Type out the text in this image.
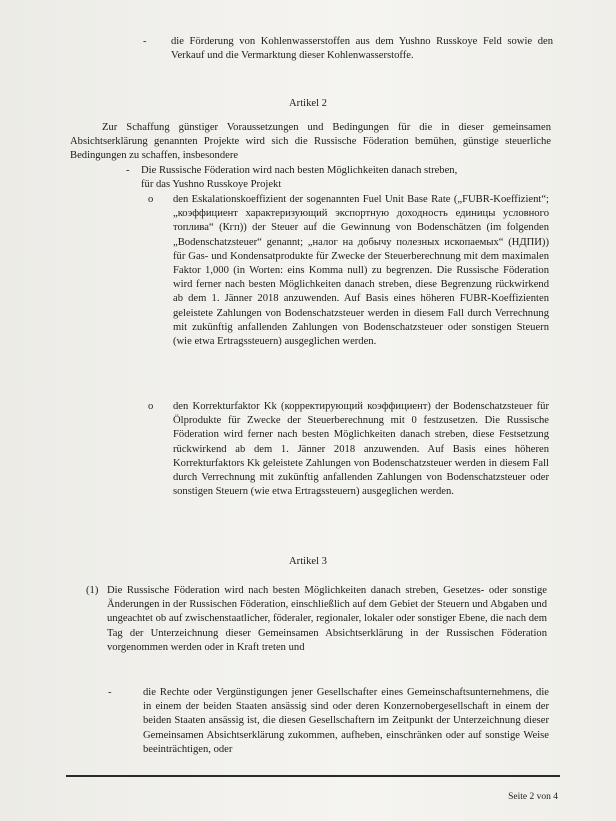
- die Förderung von Kohlenwasserstoffen aus dem Yushno Russkoye Feld sowie den Verkauf und die Vermarktung dieser Kohlenwasserstoffe.

Artikel 2

Zur Schaffung günstiger Voraussetzungen und Bedingungen für die in dieser gemeinsamen Absichtserklärung genannten Projekte wird sich die Russische Föderation bemühen, günstige steuerliche Bedingungen zu schaffen, insbesondere

- Die Russische Föderation wird nach besten Möglichkeiten danach streben,
für das Yushno Russkoye Projekt
o den Eskalationskoeffizient der sogenannten Fuel Unit Base Rate („FUBR-Koeffizient“; „коэффициент характеризующий экспортную доходность единицы условного топлива“ (Кгп)) der Steuer auf die Gewinnung von Bodenschätzen (im folgenden „Bodenschatzsteuer“ genannt; „налог на добычу полезных ископаемых“ (НДПИ)) für Gas- und Kondensatprodukte für Zwecke der Steuerberechnung mit dem maximalen Faktor 1,000 (in Worten: eins Komma null) zu begrenzen. Die Russische Föderation wird ferner nach besten Möglichkeiten danach streben, diese Begrenzung rückwirkend ab dem 1. Jänner 2018 anzuwenden. Auf Basis eines höheren FUBR-Koeffizienten geleistete Zahlungen von Bodenschatzsteuer werden in diesem Fall durch Verrechnung mit zukünftig anfallenden Zahlungen von Bodenschatzsteuer oder sonstigen Steuern (wie etwa Ertragssteuern) ausgeglichen werden.

o den Korrekturfaktor Kk (корректирующий коэффициент) der Bodenschatzsteuer für Ölprodukte für Zwecke der Steuerberechnung mit 0 festzusetzen. Die Russische Föderation wird ferner nach besten Möglichkeiten danach streben, diese Festsetzung rückwirkend ab dem 1. Jänner 2018 anzuwenden. Auf Basis eines höheren Korrekturfaktors Kk geleistete Zahlungen von Bodenschatzsteuer werden in diesem Fall durch Verrechnung mit zukünftig anfallenden Zahlungen von Bodenschatzsteuer oder sonstigen Steuern (wie etwa Ertragssteuern) ausgeglichen werden.

Artikel 3
(1) Die Russische Föderation wird nach besten Möglichkeiten danach streben, Gesetzes- oder sonstige Änderungen in der Russischen Föderation, einschließlich auf dem Gebiet der Steuern und Abgaben und ungeachtet ob auf zwischenstaatlicher, föderaler, regionaler, lokaler oder sonstiger Ebene, die nach dem Tag der Unterzeichnung dieser Gemeinsamen Absichtserklärung in der Russischen Föderation vorgenommen werden oder in Kraft treten und

-	die Rechte oder Vergünstigungen jener Gesellschafter eines Gemeinschaftsunternehmens, die in einem der beiden Staaten ansässig sind oder deren Konzernobergesellschaft in einem der beiden Staaten ansässig ist, die diesen Gesellschaftern im Zeitpunkt der Unterzeichnung dieser Gemeinsamen Absichtserklärung zukommen, aufheben, einschränken oder auf sonstige Weise beeinträchtigen, oder

Seite 2 von 4
